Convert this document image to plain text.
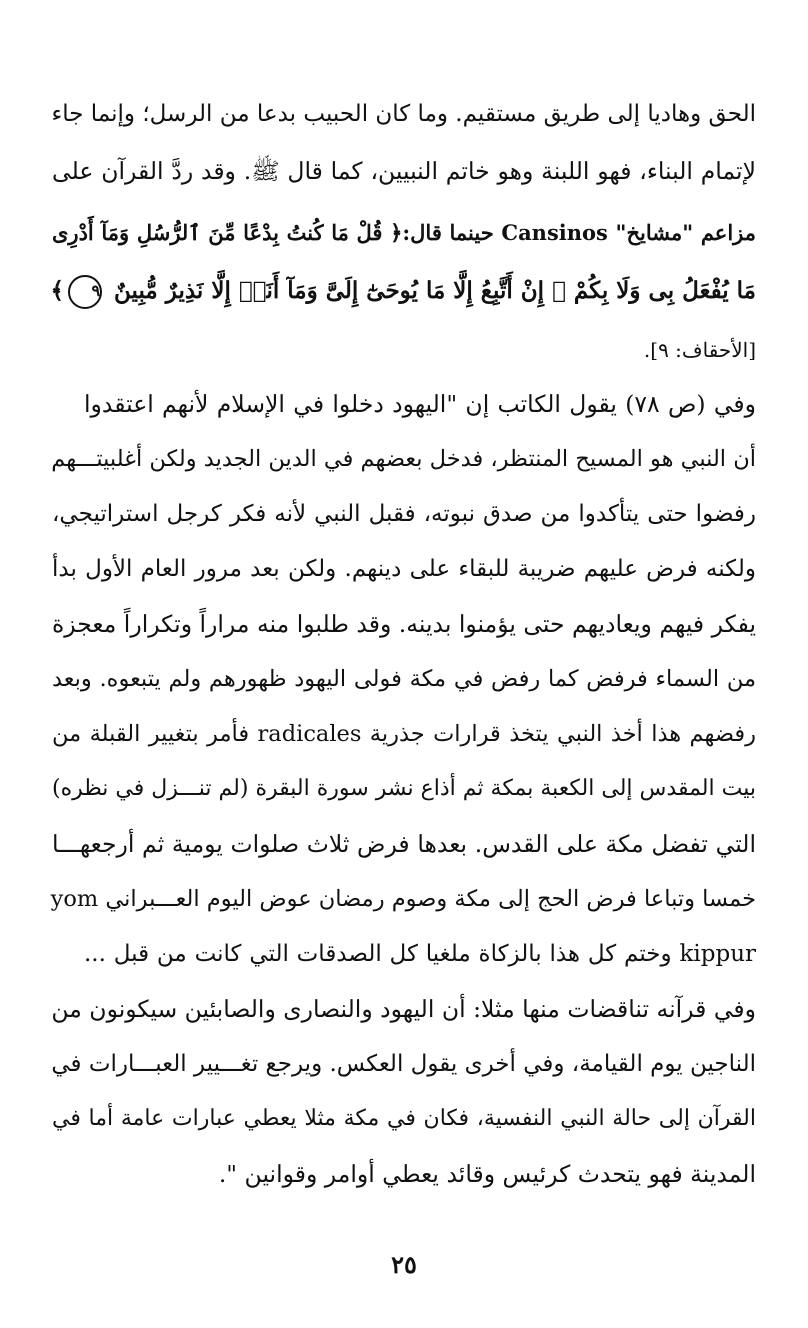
الحق وهاديا إلى طريق مستقيم. وما كان الحبيب بدعا من الرسل؛ وإنما جاء
لإتمام البناء، فهو اللبنة وهو خاتم النبيين، كما قال ﷺ. وقد ردَّ القرآن على
مزاعم "مشايخ" Cansinos حينما قال:﴿ قُلْ مَا كُنتُ بِدْعًا مِّنَ ٱلرُّسُلِ وَمَآ أَدْرِى
مَا يُفْعَلُ بِى وَلَا بِكُمْ ۖ إِنْ أَتَّبِعُ إِلَّا مَا يُوحَىٰٓ إِلَىَّ وَمَآ أَنَا۠ إِلَّا نَذِيرٌ مُّبِينٌ ٩﴾
[الأحقاف: ٩].
وفي (ص ٧٨) يقول الكاتب إن "اليهود دخلوا في الإسلام لأنهم اعتقدوا
أن النبي هو المسيح المنتظر، فدخل بعضهم في الدين الجديد ولكن أغلبيتـــهم
رفضوا حتى يتأكدوا من صدق نبوته، فقبل النبي لأنه فكر كرجل استراتيجي،
ولكنه فرض عليهم ضريبة للبقاء على دينهم. ولكن بعد مرور العام الأول بدأ
يفكر فيهم ويعاديهم حتى يؤمنوا بدينه. وقد طلبوا منه مراراً وتكراراً معجزة
من السماء فرفض كما رفض في مكة فولى اليهود ظهورهم ولم يتبعوه. وبعد
رفضهم هذا أخذ النبي يتخذ قرارات جذرية radicales فأمر بتغيير القبلة من
بيت المقدس إلى الكعبة بمكة ثم أذاع نشر سورة البقرة (لم تنـــزل في نظره)
التي تفضل مكة على القدس. بعدها فرض ثلاث صلوات يومية ثم أرجعهـــا
خمسا وتباعا فرض الحج إلى مكة وصوم رمضان عوض اليوم العـــبراني yom
kippur وختم كل هذا بالزكاة ملغيا كل الصدقات التي كانت من قبل ...
وفي قرآنه تناقضات منها مثلا: أن اليهود والنصارى والصابئين سيكونون من
الناجين يوم القيامة، وفي أخرى يقول العكس. ويرجع تغـــيير العبـــارات في
القرآن إلى حالة النبي النفسية، فكان في مكة مثلا يعطي عبارات عامة أما في
المدينة فهو يتحدث كرئيس وقائد يعطي أوامر وقوانين ".
٢٥
